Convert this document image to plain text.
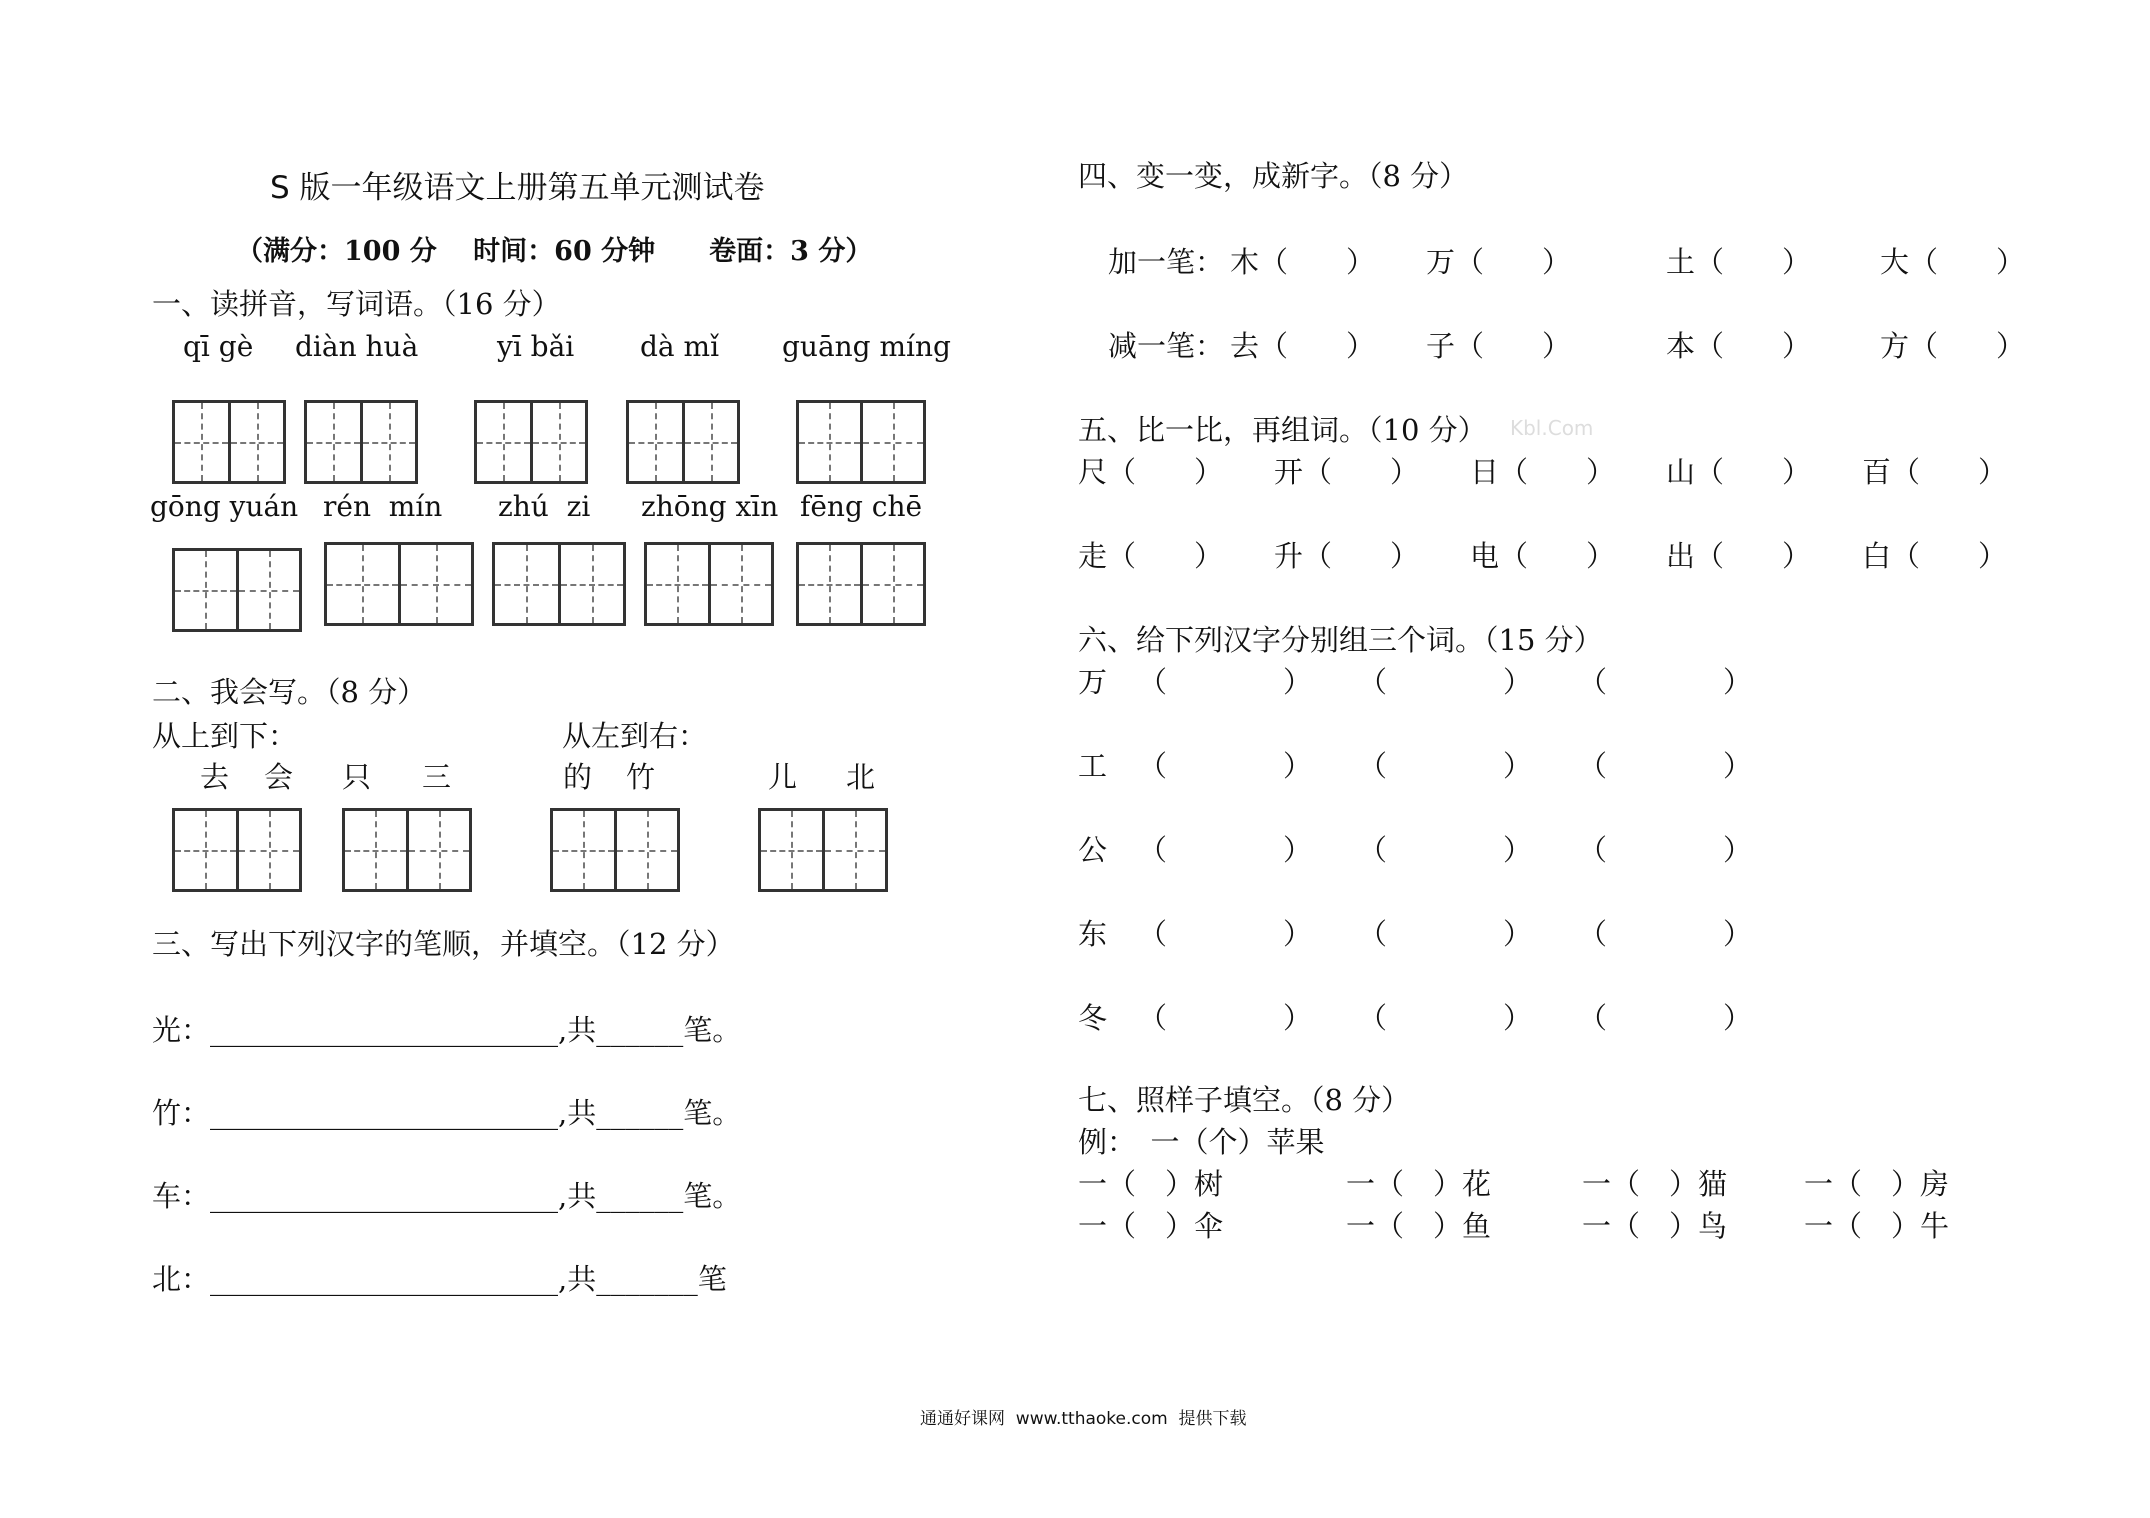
S 版一年级语文上册第五单元测试卷
（满分：100 分　 时间：60 分钟　　卷面：3 分）
一、读拼音，写词语。（16 分）
qī gè diàn huà	yī bǎi dà mǐ guāng míng
gōng yuán rén  mín zhú  zi zhōng xīn fēng chē
二、我会写。（8 分）
从上到下：	从左到右：
去 会 只 三	的 竹	儿 北
三、写出下列汉字的笔顺，并填空。（12 分）
光：________________________,共______笔。
竹：________________________,共______笔。
车：________________________,共______笔。
北：________________________,共_______笔
四、变一变，成新字。（8 分）
加一笔： 木（　　） 万（　　）	土（　　） 大（　　）
减一笔： 去（　　） 子（　　）	本（　　） 方（　　）
五、比一比，再组词。（10 分） Kbl.Com
尺（　　） 开（　　） 日（　　） 山（　　） 百（　　）
走（　　） 升（　　） 电（　　） 出（　　） 白（　　）
六、给下列汉字分别组三个词。（15 分）
万 （　　　　） （　　　　） （　　　　）
工 （　　　　） （　　　　） （　　　　）
公 （　　　　） （　　　　） （　　　　）
东 （　　　　） （　　　　） （　　　　）
冬 （　　　　） （　　　　） （　　　　）
七、照样子填空。（8 分）
例：　一（个）苹果
一（　）树	一（　）花	一（　）猫	一（　）房
一（　）伞	一（　）鱼	一（　）鸟	一（　）牛
通通好课网  www.tthaoke.com  提供下载
